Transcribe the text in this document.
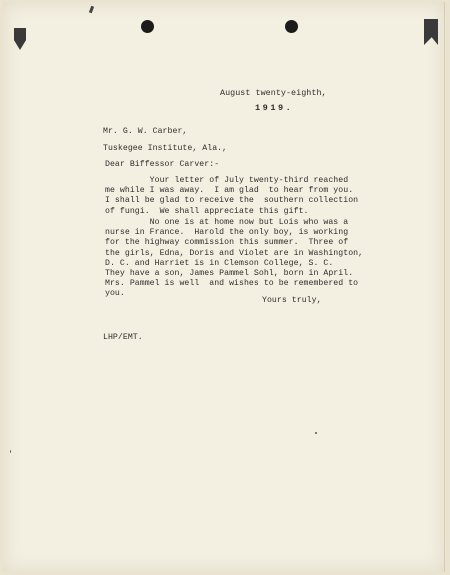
August twenty-eighth,
1919.
Mr. G. W. Carber,
Tuskegee Institute, Ala.,
Dear Biffessor Carver:-
Your letter of July twenty-third reached
me while I was away.  I am glad  to hear from you.
I shall be glad to receive the  southern collection
of fungi.  We shall appreciate this gift.
No one is at home now but Lois who was a
nurse in France.  Harold the only boy, is working
for the highway commission this summer.  Three of
the girls, Edna, Doris and Violet are in Washington,
D. C. and Harriet is in Clemson College, S. C.
They have a son, James Pammel Sohl, born in April.
Mrs. Pammel is well  and wishes to be remembered to
you.
Yours truly,
LHP/EMT.
